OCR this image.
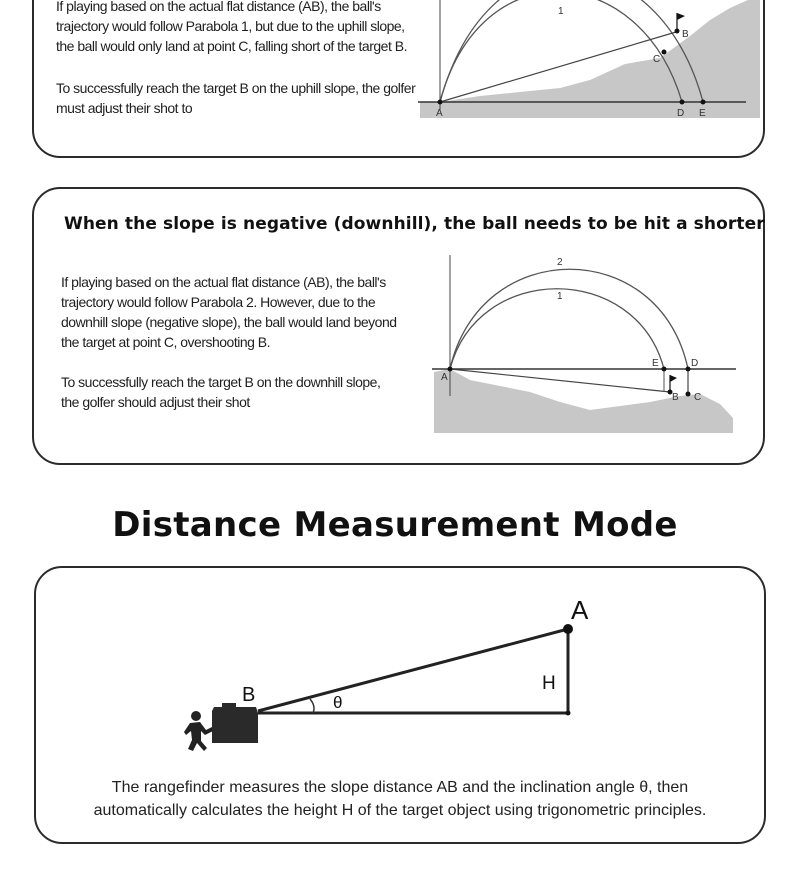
If playing based on the actual flat distance (AB), the ball's trajectory would follow Parabola 1, but due to the uphill slope, the ball would only land at point C, falling short of the target B.

To successfully reach the target B on the uphill slope, the golfer must adjust their shot to

1
A
C
B
D E
When the slope is negative (downhill), the ball needs to be hit a shorter

If playing based on the actual flat distance (AB), the ball's trajectory would follow Parabola 2. However, due to the downhill slope (negative slope), the ball would land beyond the target at point C, overshooting B.

To successfully reach the target B on the downhill slope, the golfer should adjust their shot

2
1
A
E	D
B C
Distance Measurement Mode
A
B
H
θ

The rangefinder measures the slope distance AB and the inclination angle θ, then
automatically calculates the height H of the target object using trigonometric principles.
